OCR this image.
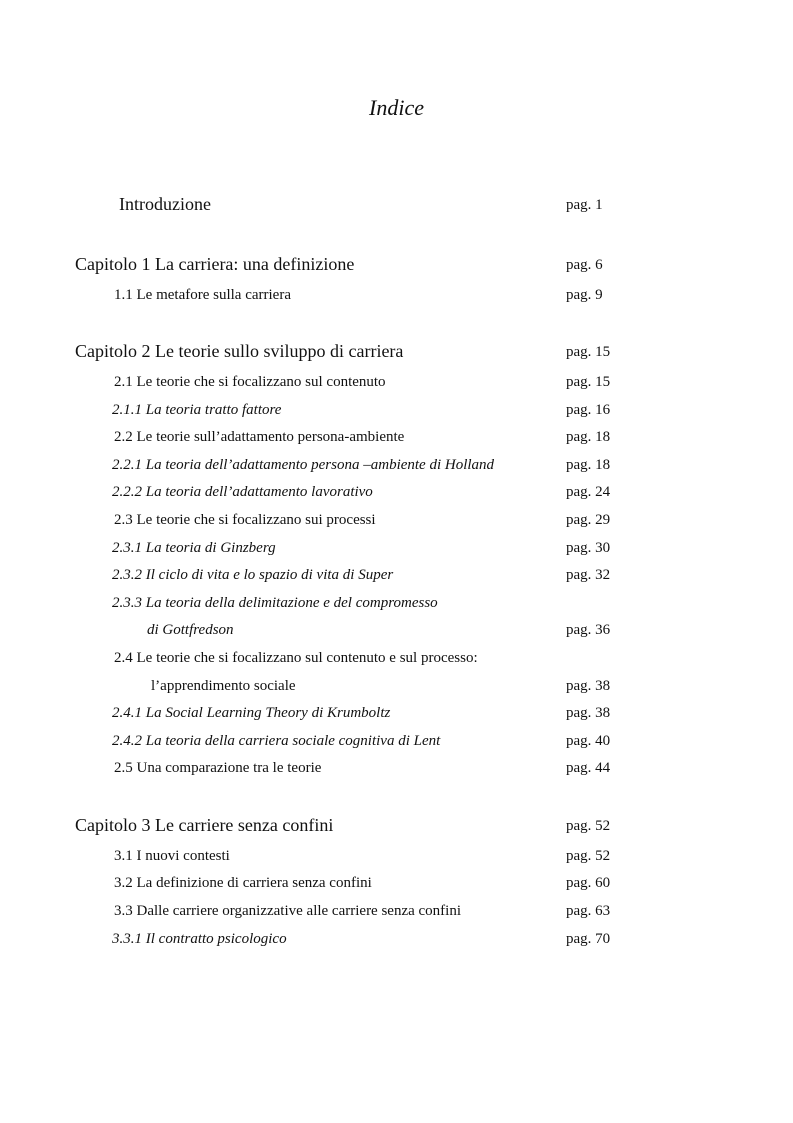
Indice
Introduzione	pag. 1
Capitolo 1 La carriera: una definizione	pag. 6
1.1 Le metafore sulla carriera	pag. 9
Capitolo 2 Le teorie sullo sviluppo di carriera	pag. 15
2.1 Le teorie che si focalizzano sul contenuto	pag. 15
2.1.1 La teoria tratto fattore	pag. 16
2.2 Le teorie sull’adattamento persona-ambiente	pag. 18
2.2.1 La teoria dell’adattamento persona –ambiente di Holland	pag. 18
2.2.2 La teoria dell’adattamento lavorativo	pag. 24
2.3 Le teorie che si focalizzano sui processi	pag. 29
2.3.1 La teoria di Ginzberg	pag. 30
2.3.2 Il ciclo di vita e lo spazio di vita di Super	pag. 32
2.3.3 La teoria della delimitazione e del compromesso
di Gottfredson	pag. 36
2.4 Le teorie che si focalizzano sul contenuto e sul processo:
l’apprendimento sociale	pag. 38
2.4.1 La Social Learning Theory di Krumboltz	pag. 38
2.4.2 La teoria della carriera sociale cognitiva di Lent	pag. 40
2.5 Una comparazione tra le teorie	pag. 44
Capitolo 3 Le carriere senza confini	pag. 52
3.1 I nuovi contesti	pag. 52
3.2 La definizione di carriera senza confini	pag. 60
3.3 Dalle carriere organizzative alle carriere senza confini	pag. 63
3.3.1 Il contratto psicologico	pag. 70
